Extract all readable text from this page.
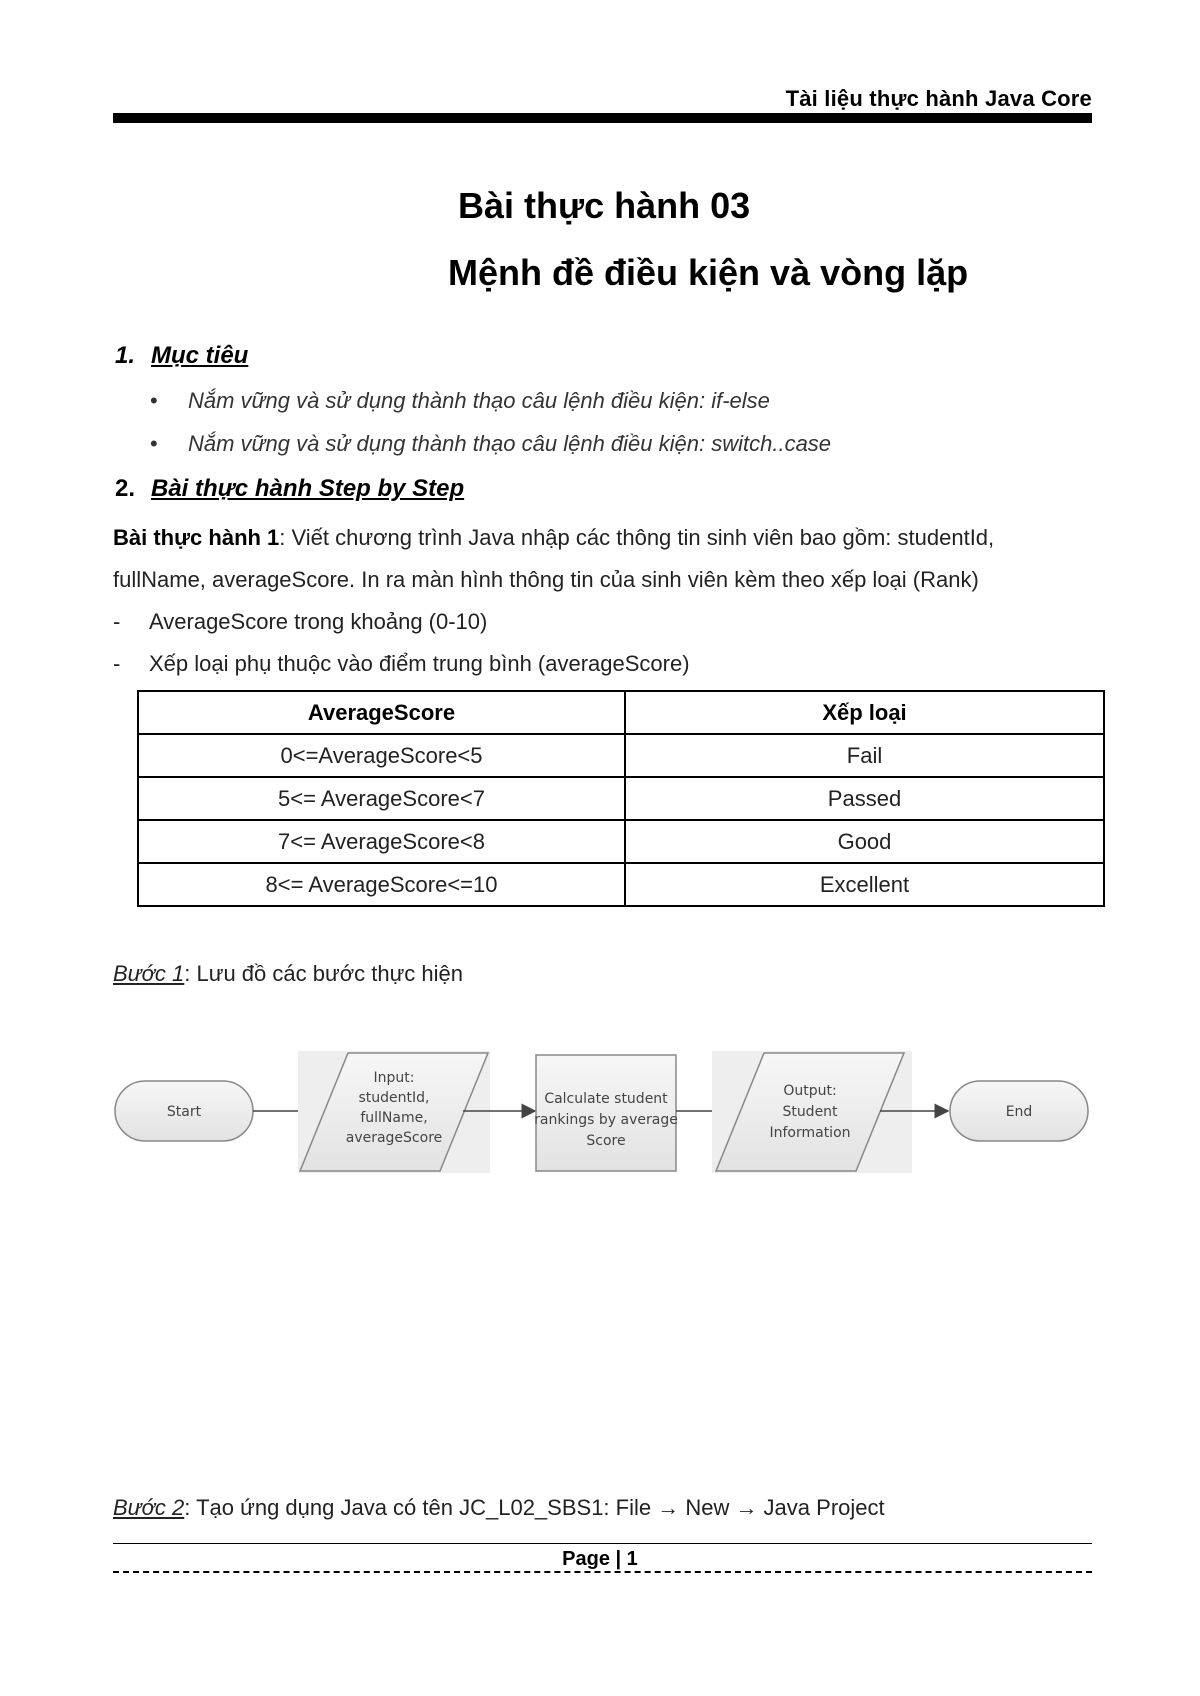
Tài liệu thực hành Java Core
Bài thực hành 03
Mệnh đề điều kiện và vòng lặp
1. Mục tiêu
• Nắm vững và sử dụng thành thạo câu lệnh điều kiện: if-else
• Nắm vững và sử dụng thành thạo câu lệnh điều kiện: switch..case
2. Bài thực hành Step by Step
Bài thực hành 1: Viết chương trình Java nhập các thông tin sinh viên bao gồm: studentId,
fullName, averageScore. In ra màn hình thông tin của sinh viên kèm theo xếp loại (Rank)
- AverageScore trong khoảng (0-10)
- Xếp loại phụ thuộc vào điểm trung bình (averageScore)
AverageScore	Xếp loại
0<=AverageScore<5	Fail
5<= AverageScore<7	Passed
7<= AverageScore<8	Good
8<= AverageScore<=10	Excellent
Bước 1: Lưu đồ các bước thực hiện
Start
Input:
studentId,
fullName,
averageScore
Calculate student
rankings by average
Score
Output:
Student
Information
End
Bước 2: Tạo ứng dụng Java có tên JC_L02_SBS1: File → New → Java Project
Page | 1
